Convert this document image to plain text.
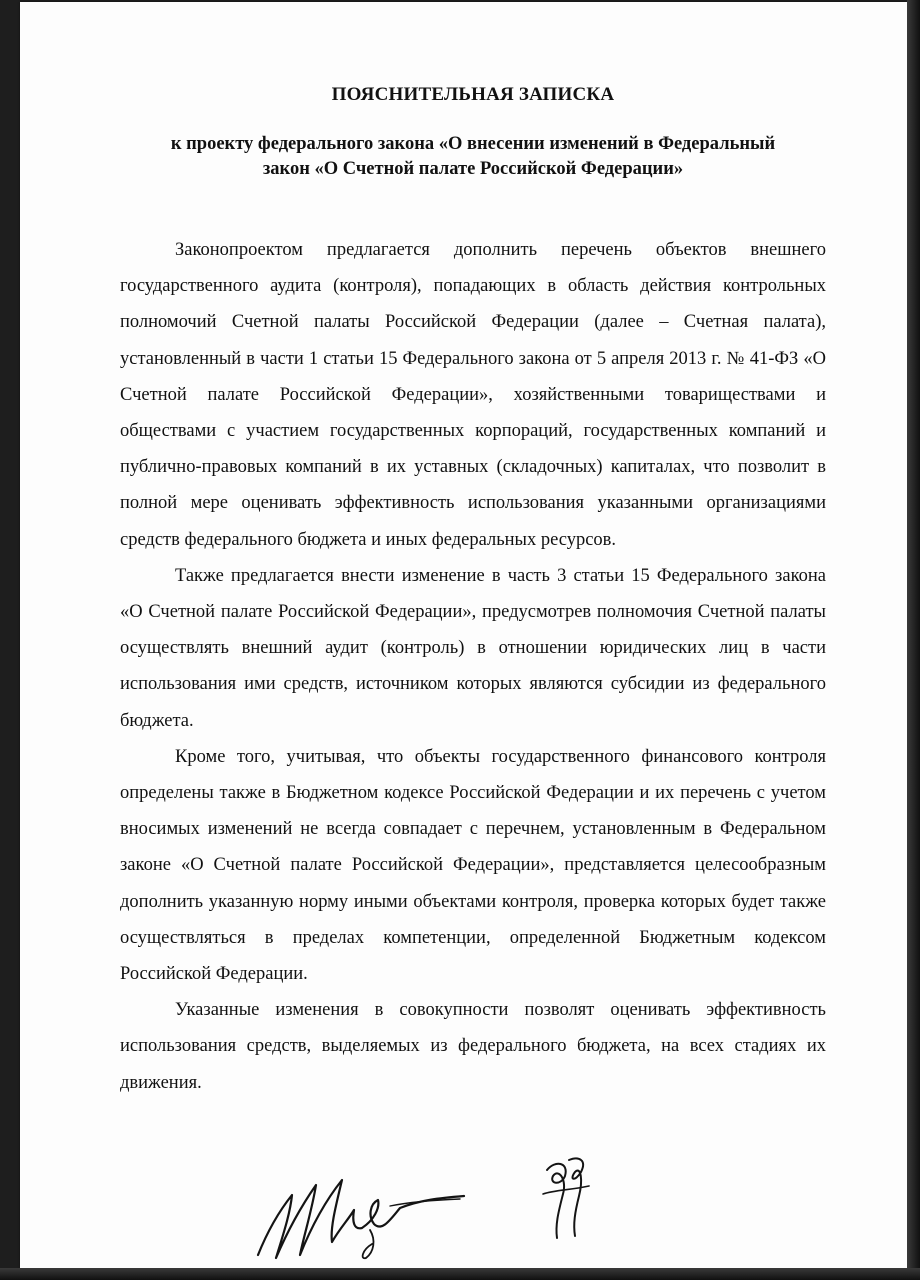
ПОЯСНИТЕЛЬНАЯ ЗАПИСКА
к проекту федерального закона «О внесении изменений в Федеральный
закон «О Счетной палате Российской Федерации»

Законопроектом предлагается дополнить перечень объектов внешнего государственного аудита (контроля), попадающих в область действия контрольных полномочий Счетной палаты Российской Федерации (далее – Счетная палата), установленный в части 1 статьи 15 Федерального закона от 5 апреля 2013 г. № 41-ФЗ «О Счетной палате Российской Федерации», хозяйственными товариществами и обществами с участием государственных корпораций, государственных компаний и публично-правовых компаний в их уставных (складочных) капиталах, что позволит в полной мере оценивать эффективность использования указанными организациями средств федерального бюджета и иных федеральных ресурсов.

Также предлагается внести изменение в часть 3 статьи 15 Федерального закона «О Счетной палате Российской Федерации», предусмотрев полномочия Счетной палаты осуществлять внешний аудит (контроль) в отношении юридических лиц в части использования ими средств, источником которых являются субсидии из федерального бюджета.

Кроме того, учитывая, что объекты государственного финансового контроля определены также в Бюджетном кодексе Российской Федерации и их перечень с учетом вносимых изменений не всегда совпадает с перечнем, установленным в Федеральном законе «О Счетной палате Российской Федерации», представляется целесообразным дополнить указанную норму иными объектами контроля, проверка которых будет также осуществляться в пределах компетенции, определенной Бюджетным кодексом Российской Федерации.

Указанные изменения в совокупности позволят оценивать эффективность использования средств, выделяемых из федерального бюджета, на всех стадиях их движения.
